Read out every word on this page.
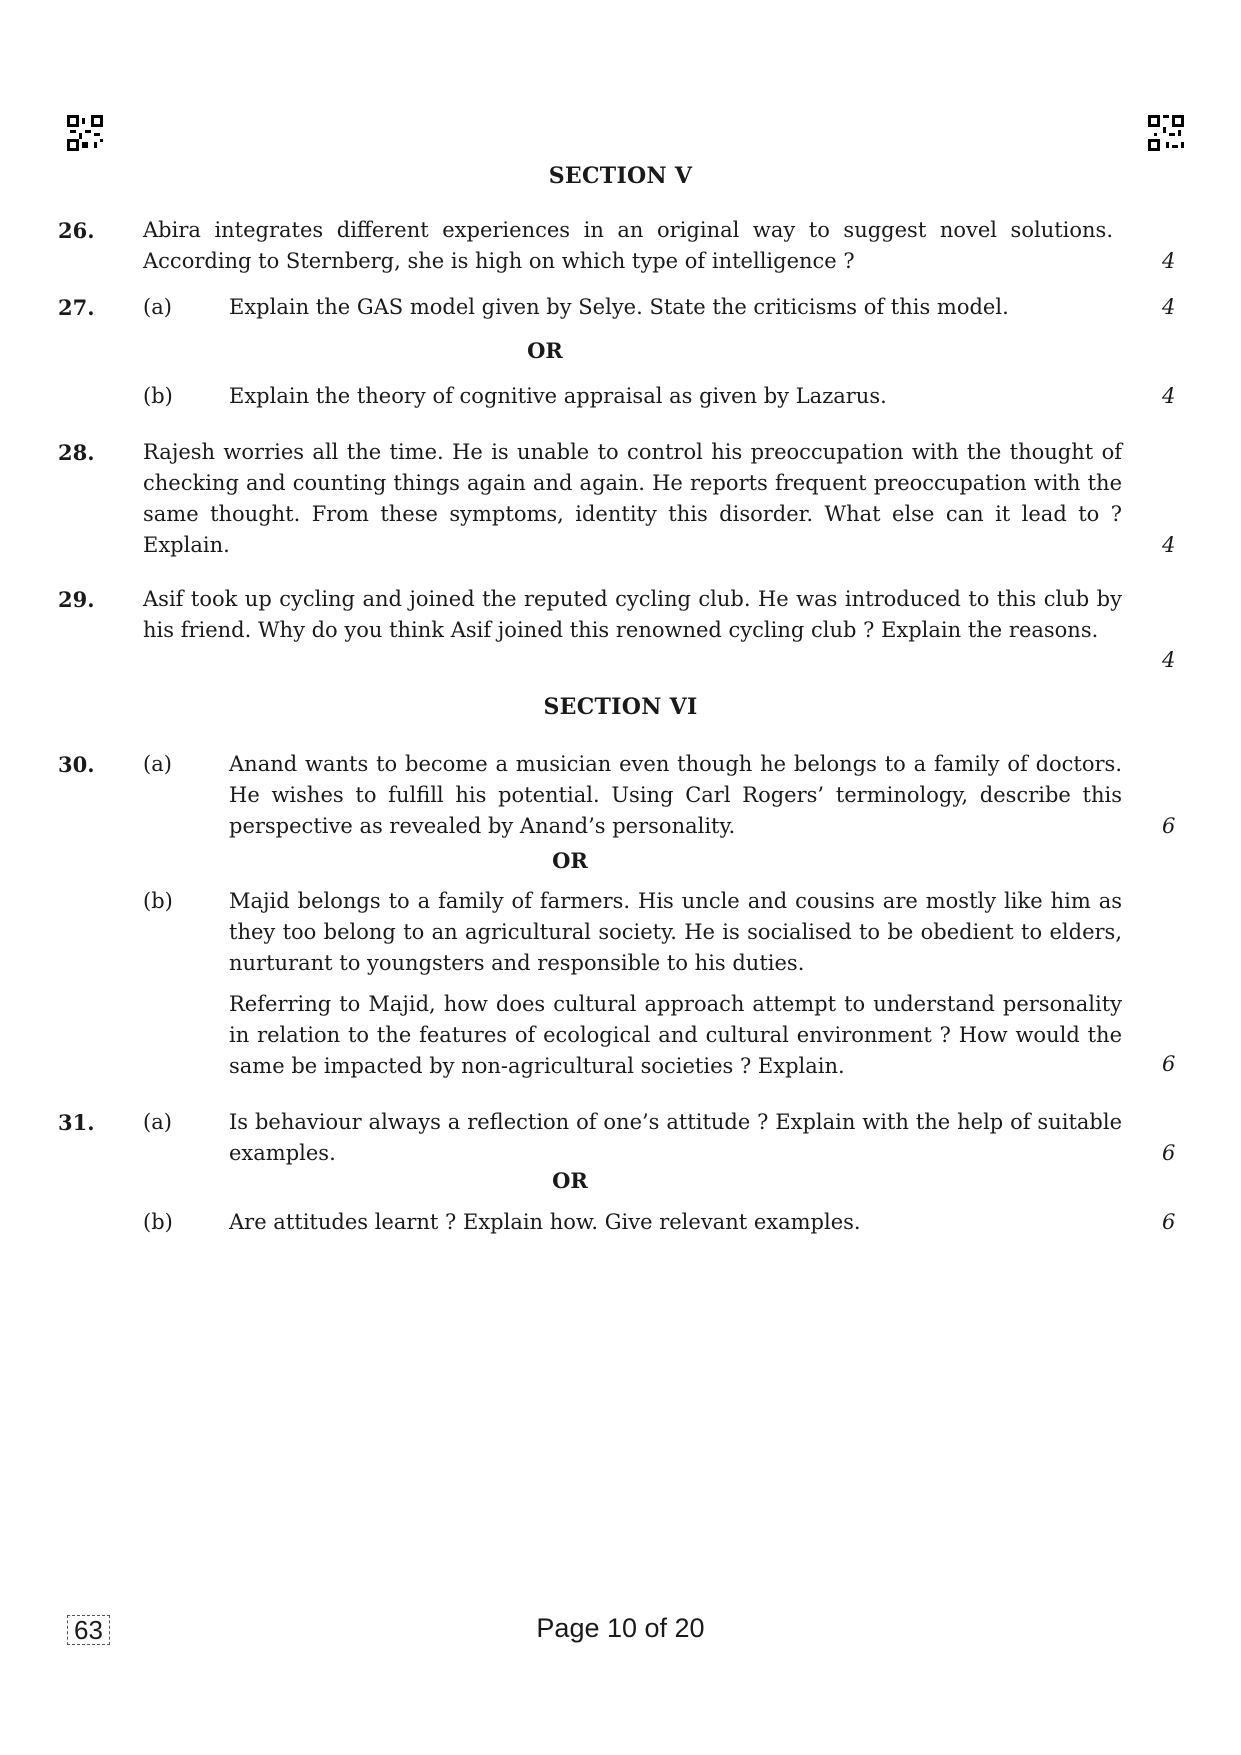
SECTION V
26. Abira integrates different experiences in an original way to suggest novel solutions. According to Sternberg, she is high on which type of intelligence ?	4
27. (a)	Explain the GAS model given by Selye. State the criticisms of this model.	4
OR
(b)	Explain the theory of cognitive appraisal as given by Lazarus.	4
28. Rajesh worries all the time. He is unable to control his preoccupation with the thought of checking and counting things again and again. He reports frequent preoccupation with the same thought. From these symptoms, identity this disorder. What else can it lead to ? Explain.	4
29. Asif took up cycling and joined the reputed cycling club. He was introduced to this club by his friend. Why do you think Asif joined this renowned cycling club ? Explain the reasons.
4
SECTION VI
30. (a)	Anand wants to become a musician even though he belongs to a family of doctors. He wishes to fulfill his potential. Using Carl Rogers’ terminology, describe this perspective as revealed by Anand’s personality.	6
OR
(b)	Majid belongs to a family of farmers. His uncle and cousins are mostly like him as they too belong to an agricultural society. He is socialised to be obedient to elders, nurturant to youngsters and responsible to his duties.
Referring to Majid, how does cultural approach attempt to understand personality in relation to the features of ecological and cultural environment ? How would the same be impacted by non-agricultural societies ? Explain.	6
31. (a)	Is behaviour always a reflection of one’s attitude ? Explain with the help of suitable examples.	6
OR
(b)	Are attitudes learnt ? Explain how. Give relevant examples.	6
63	Page 10 of 20
